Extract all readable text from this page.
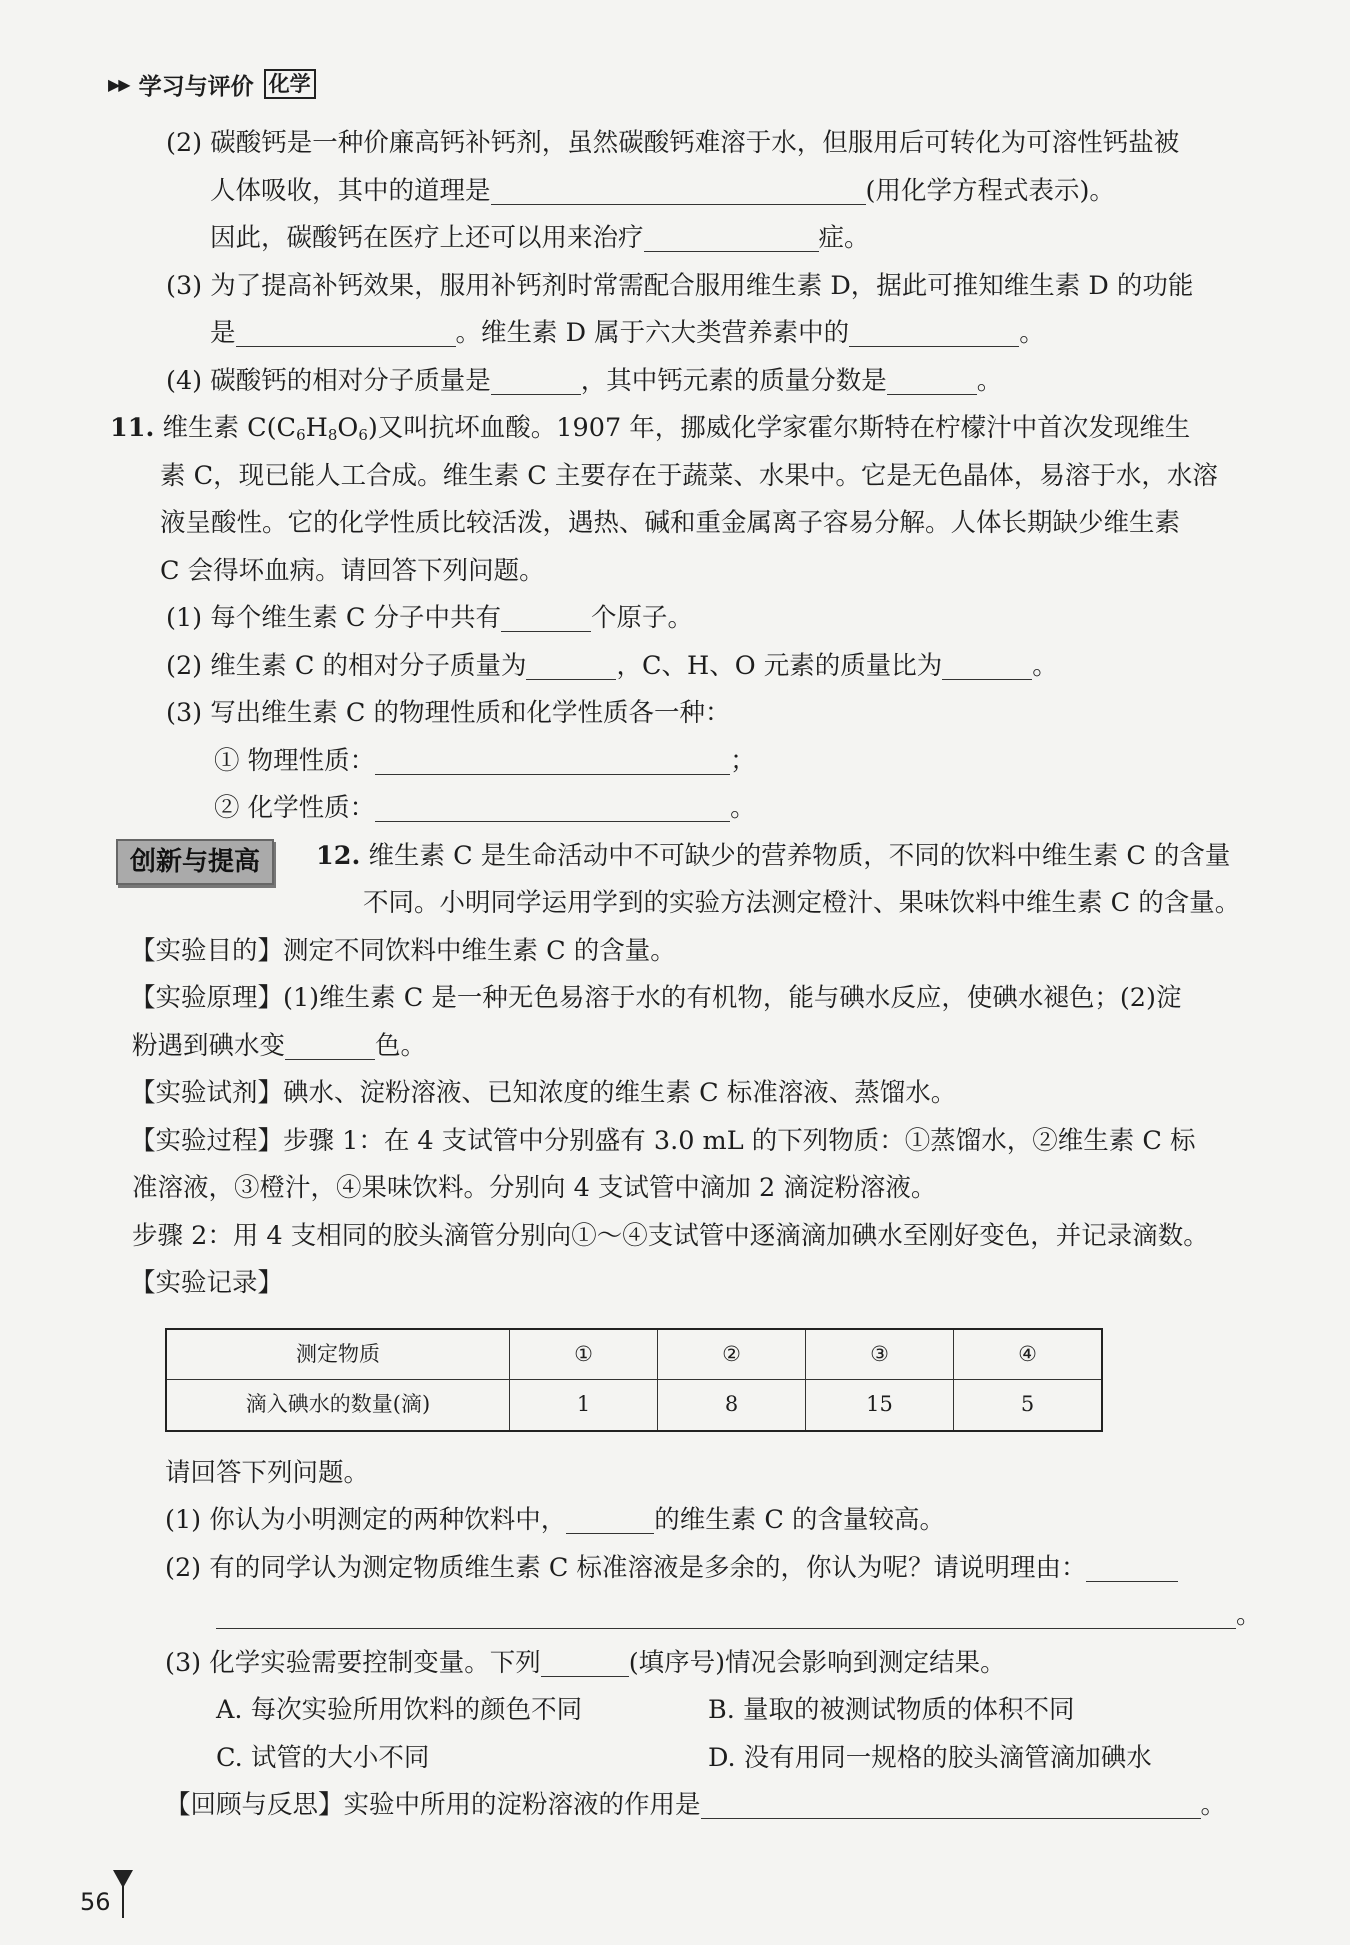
▶▶ 学习与评价 化学
(2) 碳酸钙是一种价廉高钙补钙剂，虽然碳酸钙难溶于水，但服用后可转化为可溶性钙盐被
人体吸收，其中的道理是	(用化学方程式表示)。
因此，碳酸钙在医疗上还可以用来治疗	症。
(3) 为了提高补钙效果，服用补钙剂时常需配合服用维生素 D，据此可推知维生素 D 的功能
是	。维生素 D 属于六大类营养素中的	。
(4) 碳酸钙的相对分子质量是	，其中钙元素的质量分数是	。
11. 维生素 $C(C_6H_8O_6)$又叫抗坏血酸。1907 年，挪威化学家霍尔斯特在柠檬汁中首次发现维生
素 C，现已能人工合成。维生素 C 主要存在于蔬菜、水果中。它是无色晶体，易溶于水，水溶
液呈酸性。它的化学性质比较活泼，遇热、碱和重金属离子容易分解。人体长期缺少维生素
C 会得坏血病。请回答下列问题。
(1) 每个维生素 C 分子中共有	个原子。
(2) 维生素 C 的相对分子质量为	，C、H、O 元素的质量比为	。
(3) 写出维生素 C 的物理性质和化学性质各一种：
① 物理性质：	；
② 化学性质：	。
创新与提高	12. 维生素 C 是生命活动中不可缺少的营养物质，不同的饮料中维生素 C 的含量
不同。小明同学运用学到的实验方法测定橙汁、果味饮料中维生素 C 的含量。
【实验目的】测定不同饮料中维生素 C 的含量。
【实验原理】(1)维生素 C 是一种无色易溶于水的有机物，能与碘水反应，使碘水褪色；(2)淀
粉遇到碘水变	色。
【实验试剂】碘水、淀粉溶液、已知浓度的维生素 C 标准溶液、蒸馏水。
【实验过程】步骤 1：在 4 支试管中分别盛有 3.0 mL 的下列物质：①蒸馏水，②维生素 C 标
准溶液，③橙汁，④果味饮料。分别向 4 支试管中滴加 2 滴淀粉溶液。
步骤 2：用 4 支相同的胶头滴管分别向①～④支试管中逐滴滴加碘水至刚好变色，并记录滴数。
【实验记录】
测定物质	①	②	③	④
滴入碘水的数量(滴)	1	8	15	5
请回答下列问题。
(1) 你认为小明测定的两种饮料中，	的维生素 C 的含量较高。
(2) 有的同学认为测定物质维生素 C 标准溶液是多余的，你认为呢？请说明理由：
。
(3) 化学实验需要控制变量。下列	(填序号)情况会影响到测定结果。
A. 每次实验所用饮料的颜色不同	B. 量取的被测试物质的体积不同
C. 试管的大小不同	D. 没有用同一规格的胶头滴管滴加碘水
【回顾与反思】实验中所用的淀粉溶液的作用是	。
56
